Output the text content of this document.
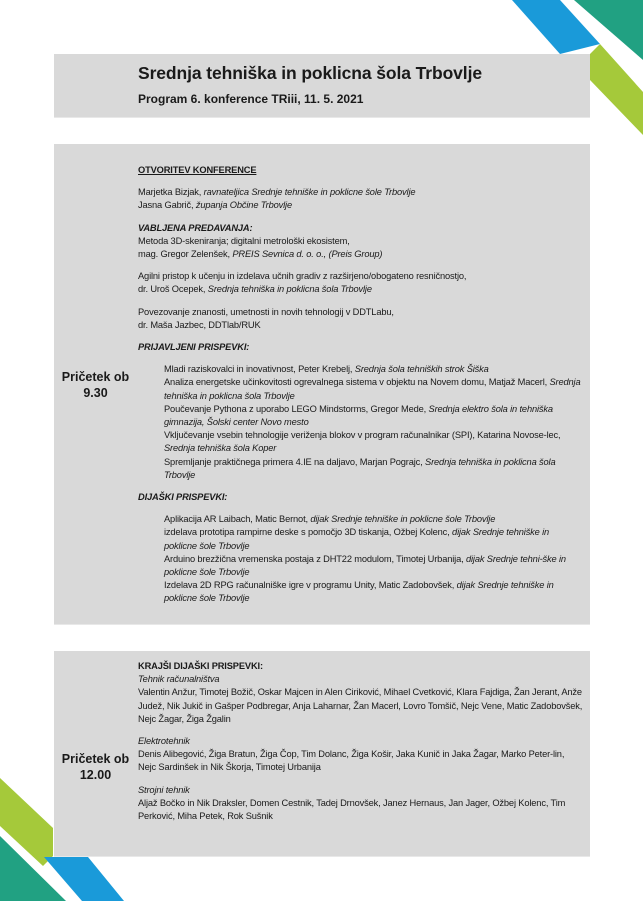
Srednja tehniška in poklicna šola Trbovlje
Program 6. konference TRiii, 11. 5. 2021
Pričetek ob
9.30

OTVORITEV KONFERENCE

Marjetka Bizjak, ravnateljica Srednje tehniške in poklicne šole Trbovlje

Jasna Gabrič, županja Občine Trbovlje

VABLJENA PREDAVANJA:

Metoda 3D-skeniranja; digitalni metrološki ekosistem,

mag. Gregor Zelenšek, PREIS Sevnica d. o. o., (Preis Group)

Agilni pristop k učenju in izdelava učnih gradiv z razširjeno/obogateno resničnostjo,

dr. Uroš Ocepek, Srednja tehniška in poklicna šola Trbovlje

Povezovanje znanosti, umetnosti in novih tehnologij v DDTLabu,

dr. Maša Jazbec, DDTlab/RUK

PRIJAVLJENI PRISPEVKI:

Mladi raziskovalci in inovativnost, Peter Krebelj, Srednja šola tehniških strok Šiška

Analiza energetske učinkovitosti ogrevalnega sistema v objektu na Novem domu, Matjaž Macerl, Srednja tehniška in poklicna šola Trbovlje

Poučevanje Pythona z uporabo LEGO Mindstorms, Gregor Mede, Srednja elektro šola in tehniška gimnazija, Šolski center Novo mesto

Vključevanje vsebin tehnologije veriženja blokov v program računalnikar (SPI), Katarina Novose-lec, Srednja tehniška šola Koper

Spremljanje praktičnega primera 4.IE na daljavo, Marjan Pograjc, Srednja tehniška in poklicna šola Trbovlje

DIJAŠKI PRISPEVKI:

Aplikacija AR Laibach, Matic Bernot, dijak Srednje tehniške in poklicne šole Trbovlje

izdelava prototipa rampirne deske s pomočjo 3D tiskanja, Ožbej Kolenc, dijak Srednje tehniške in poklicne šole Trbovlje

Arduino brezžična vremenska postaja z DHT22 modulom, Timotej Urbanija, dijak Srednje tehni-ške in poklicne šole Trbovlje

Izdelava 2D RPG računalniške igre v programu Unity, Matic Zadobovšek, dijak Srednje tehniške in poklicne šole Trbovlje

Pričetek ob
12.00

KRAJŠI DIJAŠKI PRISPEVKI:

Tehnik računalništva

Valentin Anžur, Timotej Božič, Oskar Majcen in Alen Ciriković, Mihael Cvetković, Klara Fajdiga, Žan Jerant, Anže Judež, Nik Jukič in Gašper Podbregar, Anja Laharnar, Žan Macerl, Lovro Tomšič, Nejc Vene, Matic Zadobovšek, Nejc Žagar, Žiga Žgalin

Elektrotehnik

Denis Alibegović, Žiga Bratun, Žiga Čop, Tim Dolanc, Žiga Košir, Jaka Kunič in Jaka Žagar, Marko Peter-lin, Nejc Sardinšek in Nik Škorja, Timotej Urbanija

Strojni tehnik

Aljaž Bočko in Nik Draksler, Domen Cestnik, Tadej Drnovšek, Janez Hernaus, Jan Jager, Ožbej Kolenc, Tim Perković, Miha Petek, Rok Sušnik
